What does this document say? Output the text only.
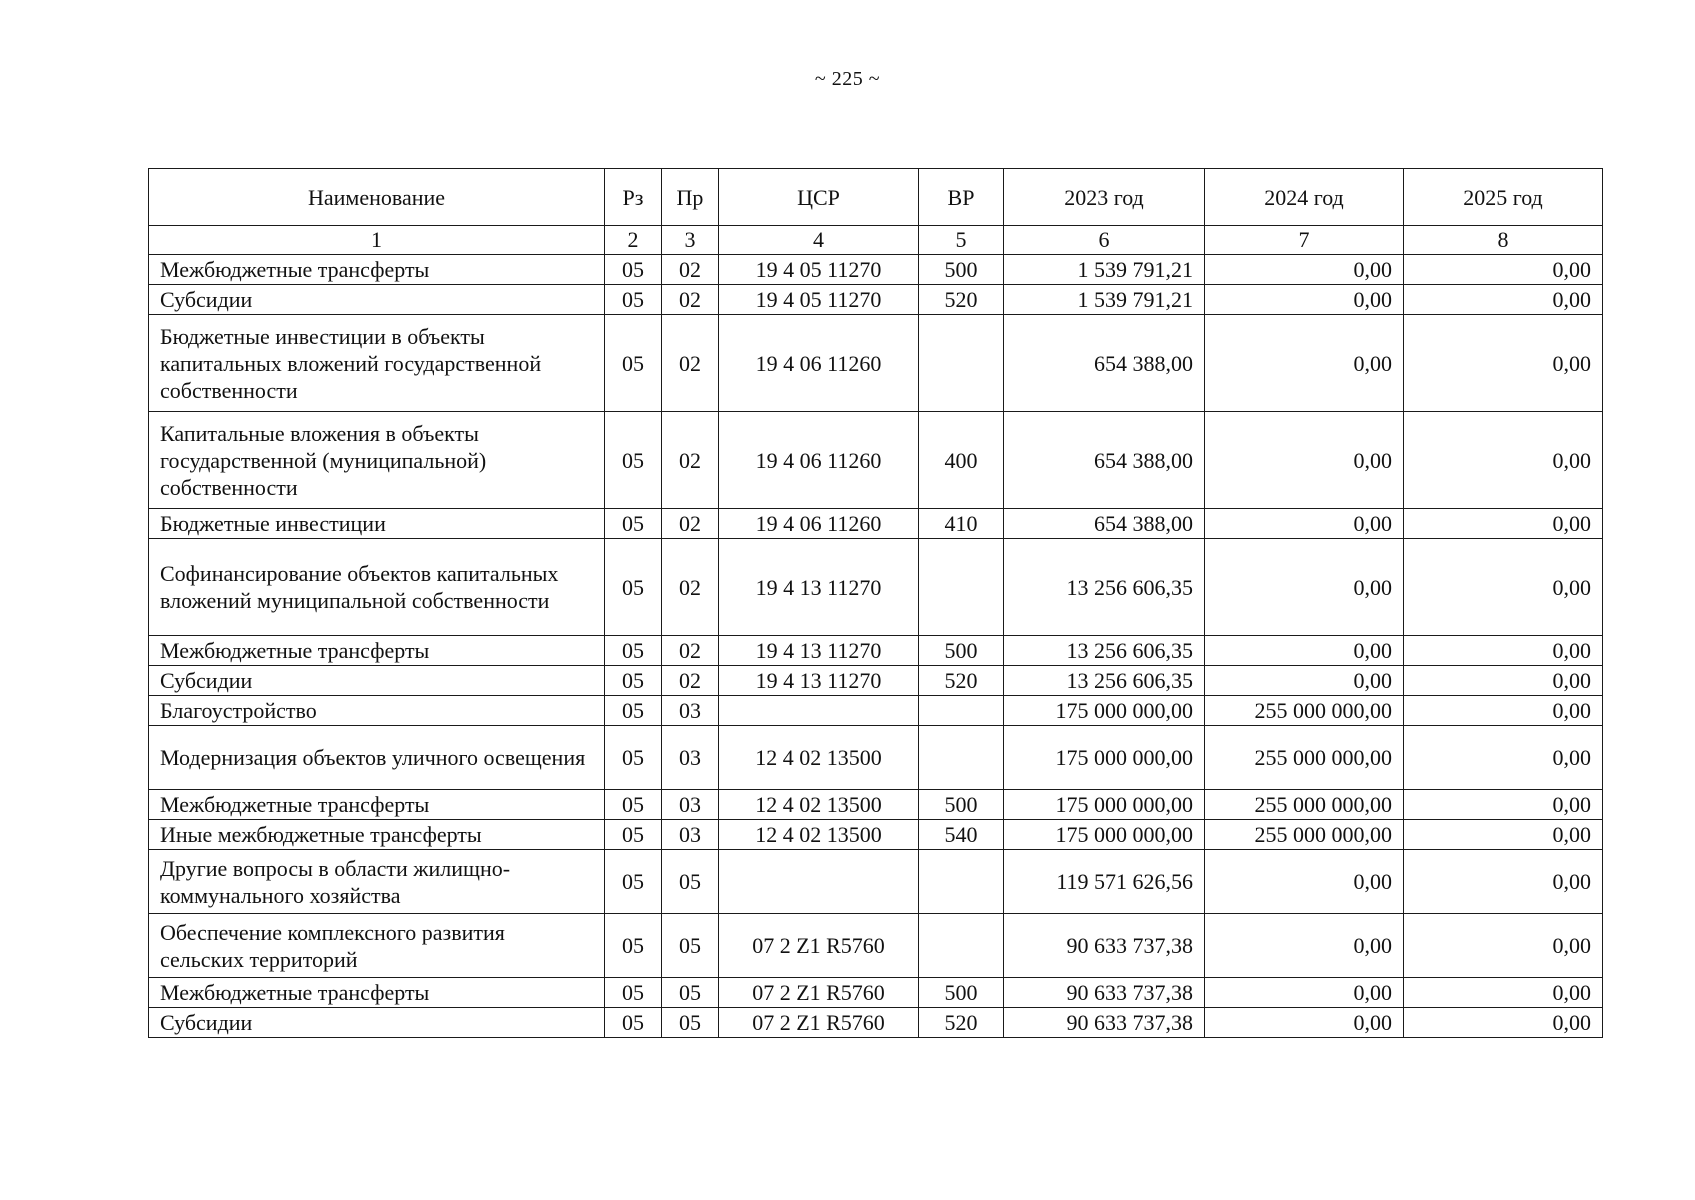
~ 225 ~
Наименование	Рз	Пр	ЦСР	ВР	2023 год	2024 год	2025 год
1	2	3	4	5	6	7	8
Межбюджетные трансферты	05	02	19 4 05 11270	500	1 539 791,21	0,00	0,00
Субсидии	05	02	19 4 05 11270	520	1 539 791,21	0,00	0,00
Бюджетные инвестиции в объекты капитальных вложений государственной собственности	05	02	19 4 06 11260		654 388,00	0,00	0,00
Капитальные вложения в объекты государственной (муниципальной) собственности	05	02	19 4 06 11260	400	654 388,00	0,00	0,00
Бюджетные инвестиции	05	02	19 4 06 11260	410	654 388,00	0,00	0,00
Софинансирование объектов капитальных вложений муниципальной собственности	05	02	19 4 13 11270		13 256 606,35	0,00	0,00
Межбюджетные трансферты	05	02	19 4 13 11270	500	13 256 606,35	0,00	0,00
Субсидии	05	02	19 4 13 11270	520	13 256 606,35	0,00	0,00
Благоустройство	05	03			175 000 000,00	255 000 000,00	0,00
Модернизация объектов уличного освещения	05	03	12 4 02 13500		175 000 000,00	255 000 000,00	0,00
Межбюджетные трансферты	05	03	12 4 02 13500	500	175 000 000,00	255 000 000,00	0,00
Иные межбюджетные трансферты	05	03	12 4 02 13500	540	175 000 000,00	255 000 000,00	0,00
Другие вопросы в области жилищно-коммунального хозяйства	05	05			119 571 626,56	0,00	0,00
Обеспечение комплексного развития сельских территорий	05	05	07 2 Z1 R5760		90 633 737,38	0,00	0,00
Межбюджетные трансферты	05	05	07 2 Z1 R5760	500	90 633 737,38	0,00	0,00
Субсидии	05	05	07 2 Z1 R5760	520	90 633 737,38	0,00	0,00
